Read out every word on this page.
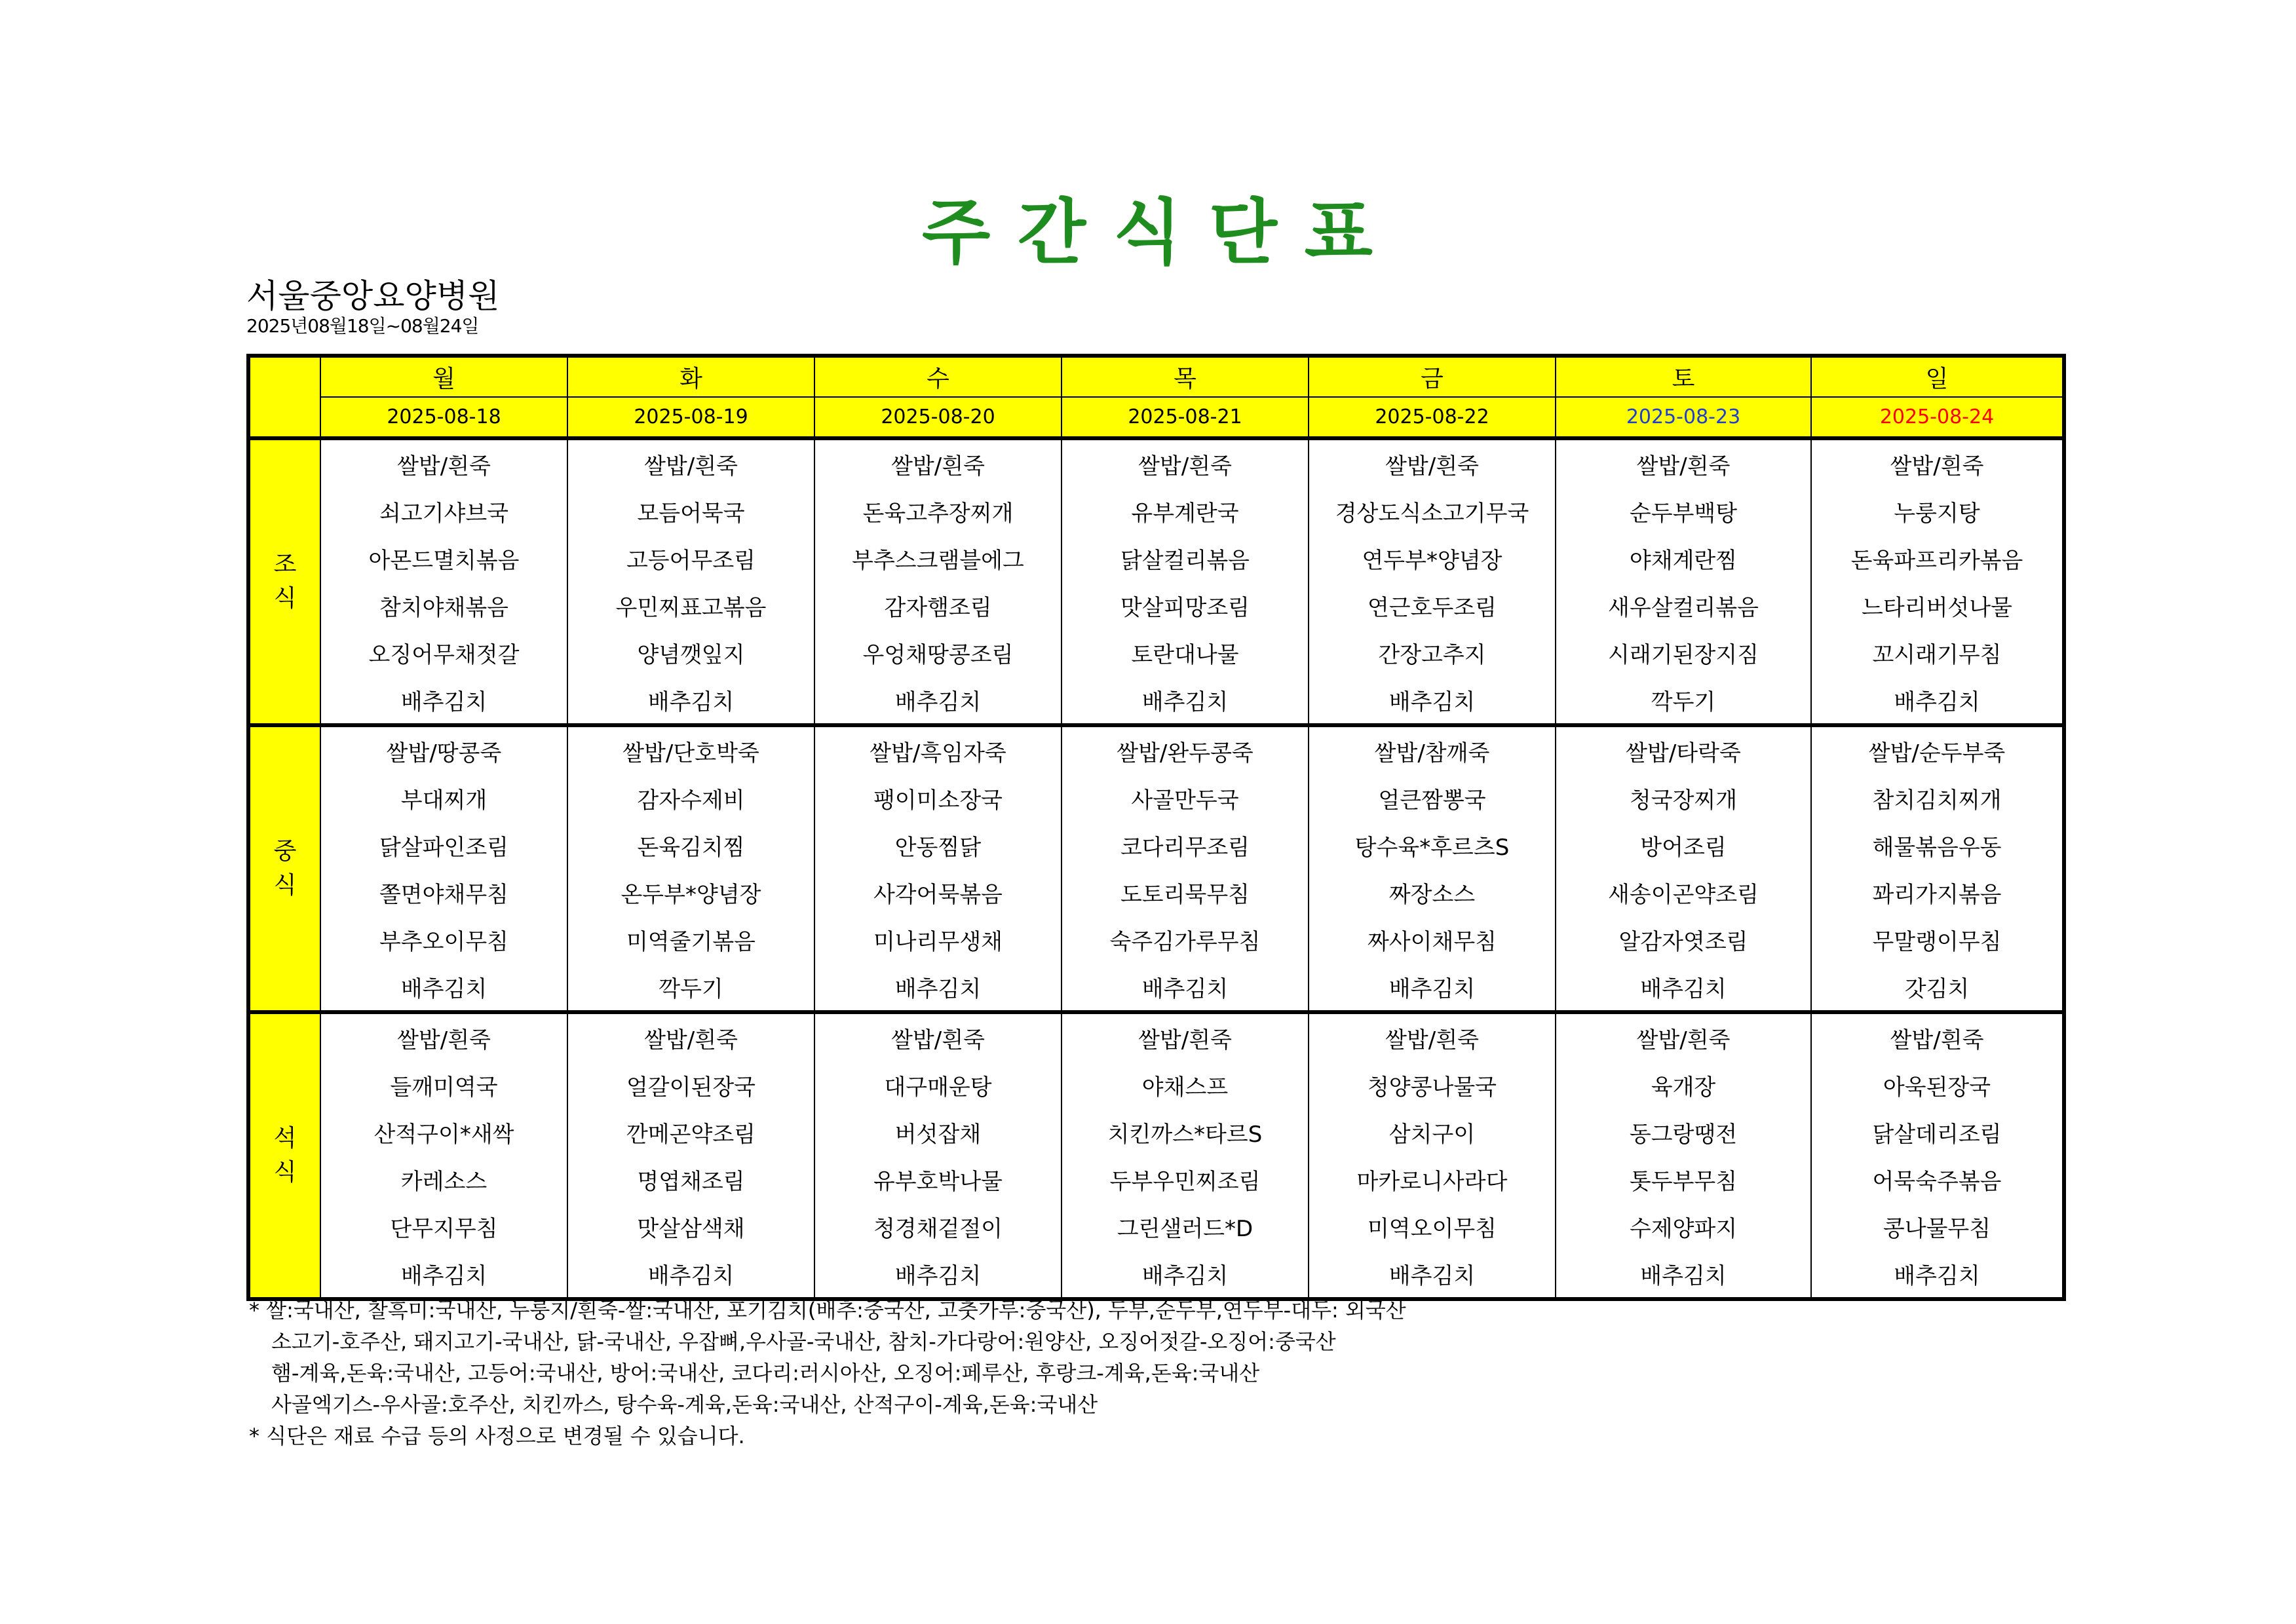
주 간 식 단 표
서울중앙요양병원
2025년08월18일~08월24일
	월	화	수	목	금	토	일
	2025-08-18	2025-08-19	2025-08-20	2025-08-21	2025-08-22	2025-08-23	2025-08-24

조
식	쌀밥/흰죽	쌀밥/흰죽	쌀밥/흰죽	쌀밥/흰죽	쌀밥/흰죽	쌀밥/흰죽	쌀밥/흰죽
	쇠고기샤브국	모듬어묵국	돈육고추장찌개	유부계란국	경상도식소고기무국	순두부백탕	누룽지탕
	아몬드멸치볶음	고등어무조림	부추스크램블에그	닭살컬리볶음	연두부*양념장	야채계란찜	돈육파프리카볶음
	참치야채볶음	우민찌표고볶음	감자햄조림	맛살피망조림	연근호두조림	새우살컬리볶음	느타리버섯나물
	오징어무채젓갈	양념깻잎지	우엉채땅콩조림	토란대나물	간장고추지	시래기된장지짐	꼬시래기무침
	배추김치	배추김치	배추김치	배추김치	배추김치	깍두기	배추김치

중
식	쌀밥/땅콩죽	쌀밥/단호박죽	쌀밥/흑임자죽	쌀밥/완두콩죽	쌀밥/참깨죽	쌀밥/타락죽	쌀밥/순두부죽
	부대찌개	감자수제비	팽이미소장국	사골만두국	얼큰짬뽕국	청국장찌개	참치김치찌개
	닭살파인조림	돈육김치찜	안동찜닭	코다리무조림	탕수육*후르츠S	방어조림	해물볶음우동
	쫄면야채무침	온두부*양념장	사각어묵볶음	도토리묵무침	짜장소스	새송이곤약조림	꽈리가지볶음
	부추오이무침	미역줄기볶음	미나리무생채	숙주김가루무침	짜사이채무침	알감자엿조림	무말랭이무침
	배추김치	깍두기	배추김치	배추김치	배추김치	배추김치	갓김치

석
식	쌀밥/흰죽	쌀밥/흰죽	쌀밥/흰죽	쌀밥/흰죽	쌀밥/흰죽	쌀밥/흰죽	쌀밥/흰죽
	들깨미역국	얼갈이된장국	대구매운탕	야채스프	청양콩나물국	육개장	아욱된장국
	산적구이*새싹	깐메곤약조림	버섯잡채	치킨까스*타르S	삼치구이	동그랑땡전	닭살데리조림
	카레소스	명엽채조림	유부호박나물	두부우민찌조림	마카로니사라다	톳두부무침	어묵숙주볶음
	단무지무침	맛살삼색채	청경채겉절이	그린샐러드*D	미역오이무침	수제양파지	콩나물무침
	배추김치	배추김치	배추김치	배추김치	배추김치	배추김치	배추김치
* 쌀:국내산, 찰흑미:국내산, 누룽지/흰죽-쌀:국내산, 포기김치(배추:중국산, 고춧가루:중국산), 두부,순두부,연두부-대두: 외국산
소고기-호주산, 돼지고기-국내산, 닭-국내산, 우잡뼈,우사골-국내산, 참치-가다랑어:원양산, 오징어젓갈-오징어:중국산
햄-계육,돈육:국내산, 고등어:국내산, 방어:국내산, 코다리:러시아산, 오징어:페루산, 후랑크-계육,돈육:국내산
사골엑기스-우사골:호주산, 치킨까스, 탕수육-계육,돈육:국내산, 산적구이-계육,돈육:국내산
* 식단은 재료 수급 등의 사정으로 변경될 수 있습니다.
